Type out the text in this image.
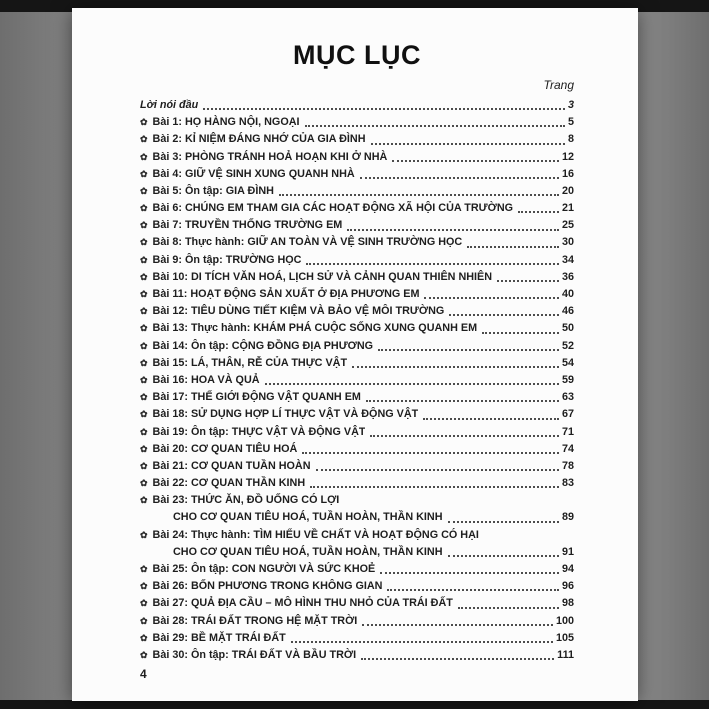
MỤC LỤC
Trang
Lời nói đầu	3
✿ Bài 1: HỌ HÀNG NỘI, NGOẠI	5
✿ Bài 2: KỈ NIỆM ĐÁNG NHỚ CỦA GIA ĐÌNH	8
✿ Bài 3: PHÒNG TRÁNH HOẢ HOẠN KHI Ở NHÀ	12
✿ Bài 4: GIỮ VỆ SINH XUNG QUANH NHÀ	16
✿ Bài 5: Ôn tập: GIA ĐÌNH	20
✿ Bài 6: CHÚNG EM THAM GIA CÁC HOẠT ĐỘNG XÃ HỘI CỦA TRƯỜNG	21
✿ Bài 7: TRUYỀN THỐNG TRƯỜNG EM	25
✿ Bài 8: Thực hành: GIỮ AN TOÀN VÀ VỆ SINH TRƯỜNG HỌC	30
✿ Bài 9: Ôn tập: TRƯỜNG HỌC	34
✿ Bài 10: DI TÍCH VĂN HOÁ, LỊCH SỬ VÀ CẢNH QUAN THIÊN NHIÊN	36
✿ Bài 11: HOẠT ĐỘNG SẢN XUẤT Ở ĐỊA PHƯƠNG EM	40
✿ Bài 12: TIÊU DÙNG TIẾT KIỆM VÀ BẢO VỆ MÔI TRƯỜNG	46
✿ Bài 13: Thực hành: KHÁM PHÁ CUỘC SỐNG XUNG QUANH EM	50
✿ Bài 14: Ôn tập: CỘNG ĐỒNG ĐỊA PHƯƠNG	52
✿ Bài 15: LÁ, THÂN, RỄ CỦA THỰC VẬT	54
✿ Bài 16: HOA VÀ QUẢ	59
✿ Bài 17: THẾ GIỚI ĐỘNG VẬT QUANH EM	63
✿ Bài 18: SỬ DỤNG HỢP LÍ THỰC VẬT VÀ ĐỘNG VẬT	67
✿ Bài 19: Ôn tập: THỰC VẬT VÀ ĐỘNG VẬT	71
✿ Bài 20: CƠ QUAN TIÊU HOÁ	74
✿ Bài 21: CƠ QUAN TUẦN HOÀN	78
✿ Bài 22: CƠ QUAN THẦN KINH	83
✿ Bài 23: THỨC ĂN, ĐỒ UỐNG CÓ LỢI
CHO CƠ QUAN TIÊU HOÁ, TUẦN HOÀN, THẦN KINH	89
✿ Bài 24: Thực hành: TÌM HIỂU VỀ CHẤT VÀ HOẠT ĐỘNG CÓ HẠI
CHO CƠ QUAN TIÊU HOÁ, TUẦN HOÀN, THẦN KINH	91
✿ Bài 25: Ôn tập: CON NGƯỜI VÀ SỨC KHOẺ	94
✿ Bài 26: BỐN PHƯƠNG TRONG KHÔNG GIAN	96
✿ Bài 27: QUẢ ĐỊA CẦU – MÔ HÌNH THU NHỎ CỦA TRÁI ĐẤT	98
✿ Bài 28: TRÁI ĐẤT TRONG HỆ MẶT TRỜI	100
✿ Bài 29: BỀ MẶT TRÁI ĐẤT	105
✿ Bài 30: Ôn tập: TRÁI ĐẤT VÀ BẦU TRỜI	111
4
